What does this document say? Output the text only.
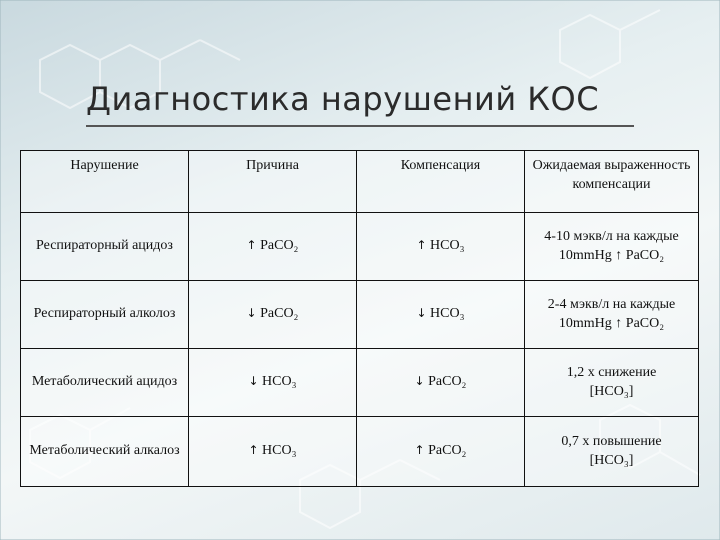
Диагностика нарушений КОС
Нарушение	Причина	Компенсация	Ожидаемая выраженность компенсации
Респираторный ацидоз	↑ PaCO₂	↑ HCO₃	4-10 мэкв/л на каждые
10mmHg ↑ PaCO₂
Респираторный алколоз	↓ PaCO₂	↓ HCO₃	2-4 мэкв/л на каждые
10mmHg ↑ PaCO₂
Метаболический ацидоз	↓ HCO₃	↓ PaCO₂	1,2 х снижение
[HCO₃]
Метаболический алкалоз	↑ HCO₃	↑ PaCO₂	0,7 х повышение
[HCO₃]
